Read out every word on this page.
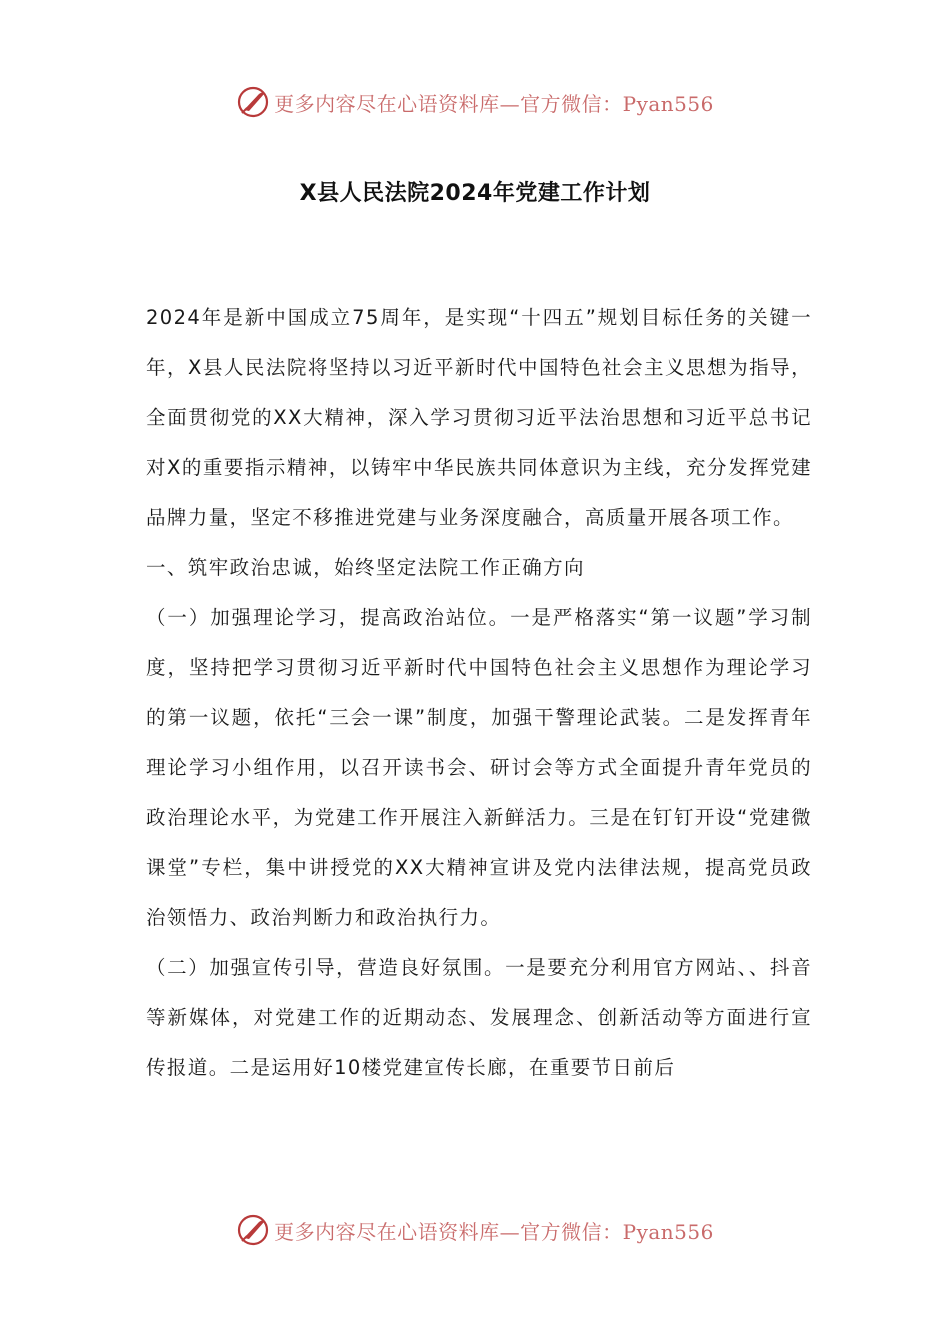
更多内容尽在心语资料库—官方微信：Pyan556
X县人民法院2024年党建工作计划

2024年是新中国成立75周年，是实现“十四五”规划目标任务的关键一年，X县人民法院将坚持以习近平新时代中国特色社会主义思想为指导，全面贯彻党的XX大精神，深入学习贯彻习近平法治思想和习近平总书记对X的重要指示精神，以铸牢中华民族共同体意识为主线，充分发挥党建品牌力量，坚定不移推进党建与业务深度融合，高质量开展各项工作。

一、筑牢政治忠诚，始终坚定法院工作正确方向

（一）加强理论学习，提高政治站位。一是严格落实“第一议题”学习制度，坚持把学习贯彻习近平新时代中国特色社会主义思想作为理论学习的第一议题，依托“三会一课”制度，加强干警理论武装。二是发挥青年理论学习小组作用，以召开读书会、研讨会等方式全面提升青年党员的政治理论水平，为党建工作开展注入新鲜活力。三是在钉钉开设“党建微课堂”专栏，集中讲授党的XX大精神宣讲及党内法律法规，提高党员政治领悟力、政治判断力和政治执行力。

（二）加强宣传引导，营造良好氛围。一是要充分利用官方网站、、抖音等新媒体，对党建工作的近期动态、发展理念、创新活动等方面进行宣传报道。二是运用好10楼党建宣传长廊，在重要节日前后

更多内容尽在心语资料库—官方微信：Pyan556
